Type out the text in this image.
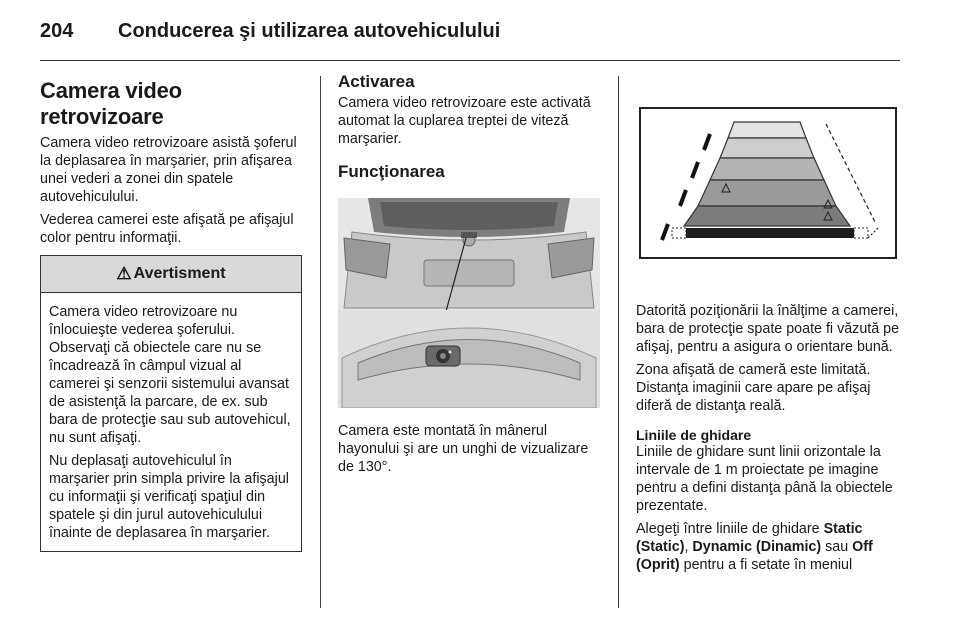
204 Conducerea şi utilizarea autovehiculului
Camera video retrovizoare

Camera video retrovizoare asistă şoferul la deplasarea în marşarier, prin afişarea unei vederi a zonei din spatele autovehiculului.

Vederea camerei este afişată pe afişajul color pentru informaţii.

⚠ Avertisment

Camera video retrovizoare nu înlocuieşte vederea şoferului. Observaţi că obiectele care nu se încadrează în câmpul vizual al camerei şi senzorii sistemului avansat de asistenţă la parcare, de ex. sub bara de protecţie sau sub autovehicul, nu sunt afişaţi.

Nu deplasaţi autovehiculul în marşarier prin simpla privire la afişajul cu informaţii şi verificaţi spaţiul din spatele şi din jurul autovehiculului înainte de deplasarea în marşarier.

Activarea

Camera video retrovizoare este activată automat la cuplarea treptei de viteză marşarier.

Funcţionarea

Camera este montată în mânerul hayonului şi are un unghi de vizualizare de 130°.

Datorită poziţionării la înălţime a camerei, bara de protecţie spate poate fi văzută pe afişaj, pentru a asigura o orientare bună.

Zona afişată de cameră este limitată. Distanţa imaginii care apare pe afişaj diferă de distanţa reală.

Liniile de ghidare

Liniile de ghidare sunt linii orizontale la intervale de 1 m proiectate pe imagine pentru a defini distanţa până la obiectele prezentate.

Alegeţi între liniile de ghidare Static (Static), Dynamic (Dinamic) sau Off (Oprit) pentru a fi setate în meniul
